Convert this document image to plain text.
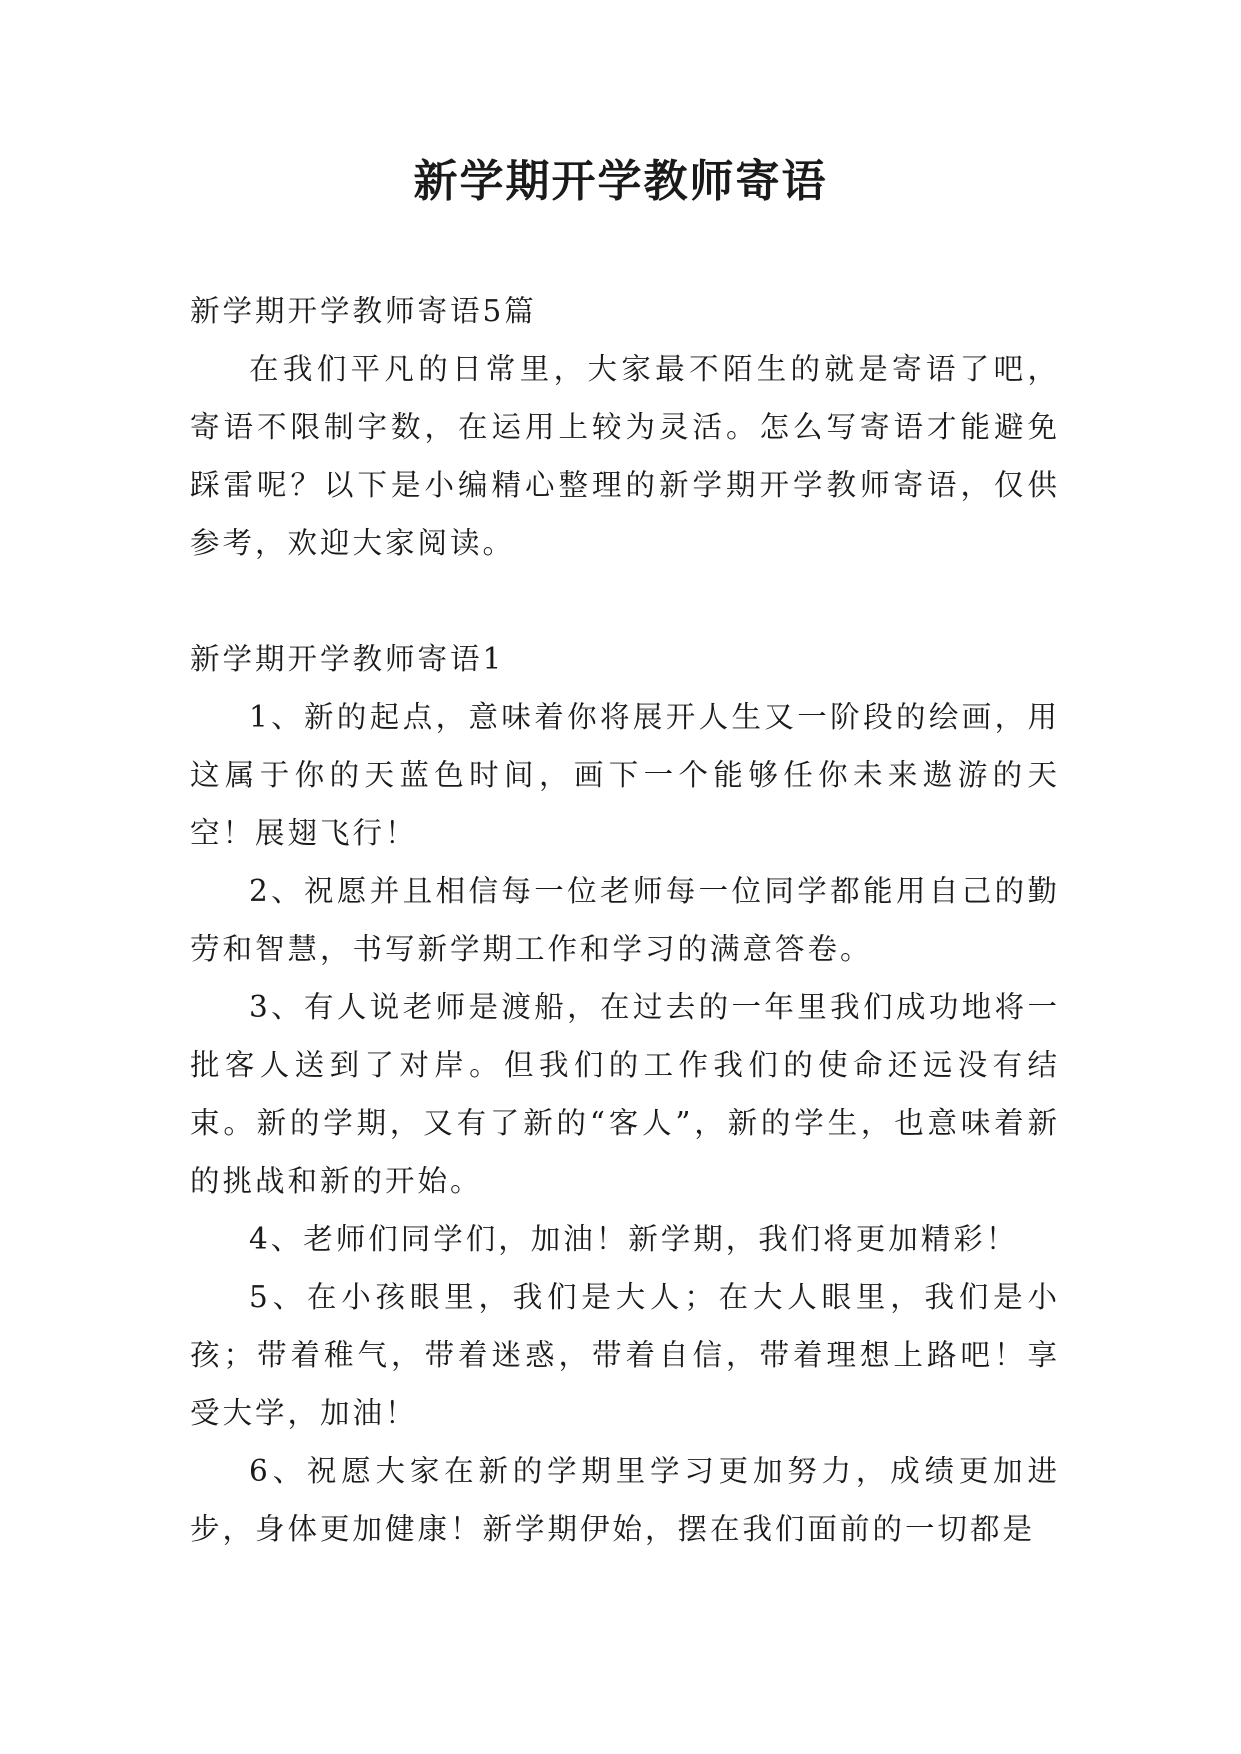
新学期开学教师寄语

新学期开学教师寄语5篇

在我们平凡的日常里，大家最不陌生的就是寄语了吧，寄语不限制字数，在运用上较为灵活。怎么写寄语才能避免踩雷呢？以下是小编精心整理的新学期开学教师寄语，仅供参考，欢迎大家阅读。

新学期开学教师寄语1

1、新的起点，意味着你将展开人生又一阶段的绘画，用这属于你的天蓝色时间，画下一个能够任你未来遨游的天空！展翅飞行！

2、祝愿并且相信每一位老师每一位同学都能用自己的勤劳和智慧，书写新学期工作和学习的满意答卷。

3、有人说老师是渡船，在过去的一年里我们成功地将一批客人送到了对岸。但我们的工作我们的使命还远没有结束。新的学期，又有了新的“客人”，新的学生，也意味着新的挑战和新的开始。

4、老师们同学们，加油！新学期，我们将更加精彩！

5、在小孩眼里，我们是大人；在大人眼里，我们是小孩；带着稚气，带着迷惑，带着自信，带着理想上路吧！享受大学，加油！

6、祝愿大家在新的学期里学习更加努力，成绩更加进步，身体更加健康！新学期伊始，摆在我们面前的一切都是
